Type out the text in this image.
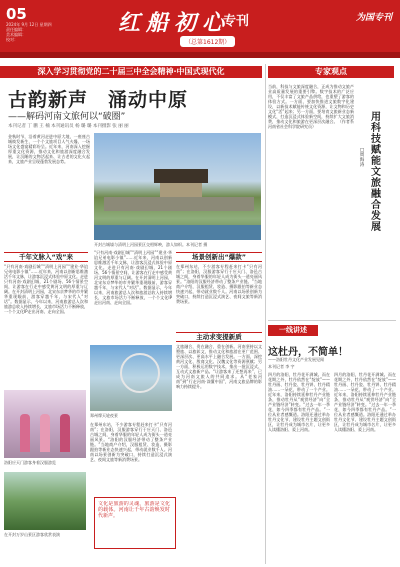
05
2024年 9月 12日 星期四
责任编辑：
美术编辑：
校对：
红船初心
专刊
（总第1612期）
为国专刊
深入学习贯彻党的二十届三中全会精神·中国式现代化
古韵新声　涌动中原
——解码河南文旅何以“破圈”
本刊记者 丁 鹏 王 楠 本刊通讯员 杨 璐 璐 本刊摄影 张 丽 丽
金秋时节，沿着黄河走进中原大地，一座座古城焕发新生，一个个文旅项目人气火爆，一场场文化盛宴精彩纷呈。近年来，河南深入挖掘厚重文化资源，推动文化和旅游深度融合发展，让沉睡的文物活起来、让古老的文化火起来，文旅产业呈现蓬勃发展态势。
开封古城墙与清明上河园景区交相辉映，游人如织。本刊记者 摄
千年文脉入“戏”来
“只有河南·戏剧幻城”“清明上河园”“建业·华谊兄弟电影小镇”……近年来，河南以创新思维激活千年文脉，让游客沉浸式体验中原文化。走进只有河南·戏剧幻城，21个剧场、56个情景空间，让游客在行走中感受黄河文明的厚重与辽阔。在开封清明上河园，北宋东京梦华的市井繁华重现眼前，游客穿越千年，与宋代人“对话”。数据显示，今年以来，河南旅游总人次和旅游总收入持续增长，文旅市场活力不断释放，一个个文化IP走出河南、走向全国。
“只有河南·戏剧幻城”“清明上河园”“建业·华谊兄弟电影小镇”……近年来，河南以创新思维激活千年文脉，让游客沉浸式体验中原文化。走进只有河南·戏剧幻城，21个剧场、56个情景空间，让游客在行走中感受黄河文明的厚重与辽阔。在开封清明上河园，北宋东京梦华的市井繁华重现眼前，游客穿越千年，与宋代人“对话”。数据显示，今年以来，河南旅游总人次和旅游总收入持续增长，文旅市场活力不断释放，一个个文化IP走出河南、走向全国。
场景创新出“爆款”
在郑州东站，不少游客专程赶来打卡“只有河南”；在洛阳，汉服游客穿行于应天门、洛邑古城之间，身着华服的年轻人成为街头一道亮丽风景。“洛阳的汉服经济带动了整条产业链。”当地商户介绍，汉服租赁、妆造、摄影跟拍等新业态快速兴起，带动就业数千人。河南以场景创新为突破口，持续打造沉浸式演艺、夜间文旅等新消费场景。
主动求变提新质
文旅融合，贵在融合，重在创新。河南坚持以文塑旅、以旅彰文，推动文化和旅游在更广范围、更深层次、更高水平上融合发展。一方面，深挖黄河文化、殷商文化、汉魏文化等资源禀赋；另一方面，积极运用数字技术，推出一批沉浸式、互动式文旅新产品。“让游客来了还想再来”，已成为河南文旅人的共同追求。从“老家河南”到“行走河南·读懂中国”，河南文旅品牌的影响力持续提升。
洛阳应天门游客身着汉服游览
在开封万岁山景区游客欣赏表演
郑州摩天轮夜景
在郑州东站，不少游客专程赶来打卡“只有河南”；在洛阳，汉服游客穿行于应天门、洛邑古城之间，身着华服的年轻人成为街头一道亮丽风景。“洛阳的汉服经济带动了整条产业链。”当地商户介绍，汉服租赁、妆造、摄影跟拍等新业态快速兴起，带动就业数千人。河南以场景创新为突破口，持续打造沉浸式演艺、夜间文旅等新消费场景。
文化是旅游的灵魂，旅游是文化的载体。河南让千年古韵焕发时代新声。
专家观点
当前，科技与文旅深度融合，正成为推动文旅产业高质量发展的重要引擎。数字技术的广泛应用，不仅丰富了文旅产品供给，也重塑了游客的体验方式。一方面，要加快推进文旅数字化建设，以新技术赋能传统文化资源，让文物和历史文化“活”起来；另一方面，要培育文旅新业态新模式，打造沉浸式体验新空间，持续扩大文旅消费，推动文化和旅游在更深层次融合。（作者系河南省社会科学院研究员）
用科技赋能文旅融合发展
□ 周海涛
一线讲述
这杜丹，不简单！
——洛阳牡丹文化产业发展见闻
本刊记者 李 宇
四月的洛阳，牡丹花开满城。而在花期之外，牡丹依然在“绽放”——牡丹画、牡丹瓷、牡丹饼、牡丹精油……一朵花，带动了一个产业。近年来，洛阳持续延伸牡丹产业链条，推动牡丹从“观赏经济”向“全产业链经济”转变。“过去一年一季花，如今四季都有牡丹产品。”一位从业者感慨道。洛阳还通过举办牡丹文化节、建设牡丹主题文创街区，让牡丹成为城市名片，让更多人读懂洛阳、爱上河南。
四月的洛阳，牡丹花开满城。而在花期之外，牡丹依然在“绽放”——牡丹画、牡丹瓷、牡丹饼、牡丹精油……一朵花，带动了一个产业。近年来，洛阳持续延伸牡丹产业链条，推动牡丹从“观赏经济”向“全产业链经济”转变。“过去一年一季花，如今四季都有牡丹产品。”一位从业者感慨道。洛阳还通过举办牡丹文化节、建设牡丹主题文创街区，让牡丹成为城市名片，让更多人读懂洛阳、爱上河南。
